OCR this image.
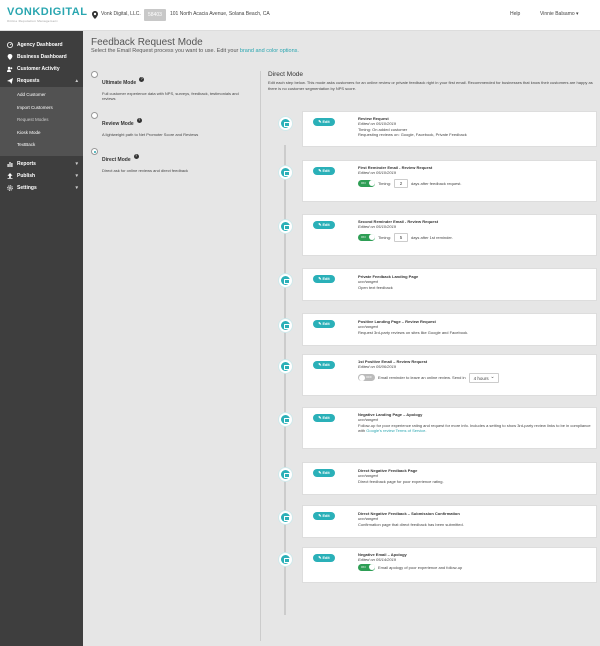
VONKDIGITAL
Online Reputation Management
Vonk Digital, LLC.	58403	101 North Acacia Avenue, Solana Beach, CA	Help	Vinnie Balsamo ▾
Agency Dashboard
Business Dashboard
Customer Activity
Requests	▴
Add Customer
Import Customers
Request Modes
Kiosk Mode
TextBack
Reports	▾
Publish	▾
Settings	▾
Feedback Request Mode
Select the Email Request process you want to use. Edit your brand and color options.
Ultimate Mode?
Full customer experience data with NPS, surveys, feedback, testimonials and reviews
Review Mode?
A lightweight path to Net Promoter Score and Reviews
Direct Mode?
Direct ask for online reviews and direct feedback
Direct Mode
Edit each step below. This mode asks customers for an online review or private feedback right in your first email. Recommended for businesses that know their customers are happy as there is no customer segmentation by NPS score.
✎ Edit
Review Request
Edited on 05/10/2019
Timing: On added customer
Requesting reviews on: Google, Facebook, Private Feedback
✎ Edit
First Reminder Email - Review Request
Edited on 05/10/2019
ON	Timing:	2	days after feedback request.
✎ Edit
Second Reminder Email - Review Request
Edited on 05/10/2019
ON	Timing:	5	days after 1st reminder.
✎ Edit	Private Feedback Landing Page
unchanged
Open text feedback
✎ Edit	Positive Landing Page – Review Request
unchanged
Request 3rd-party reviews on sites like Google and Facebook.
✎ Edit
1st Positive Email – Review Request
Edited on 05/06/2019
OFF	Email reminder to leave an online review. Send in	4 hours ⌄
✎ Edit
Negative Landing Page – Apology
unchanged
Follow-up for poor experience rating and request for more info. Includes a setting to show 3rd-party review links to be in compliance with Google's review Terms of Service.
✎ Edit	Direct Negative Feedback Page
unchanged
Direct feedback page for poor experience rating.
✎ Edit	Direct Negative Feedback – Submission Confirmation
unchanged
Confirmation page that direct feedback has been submitted.
✎ Edit
Negative Email – Apology
Edited on 05/14/2019
ON	Email apology of poor experience and follow-up
